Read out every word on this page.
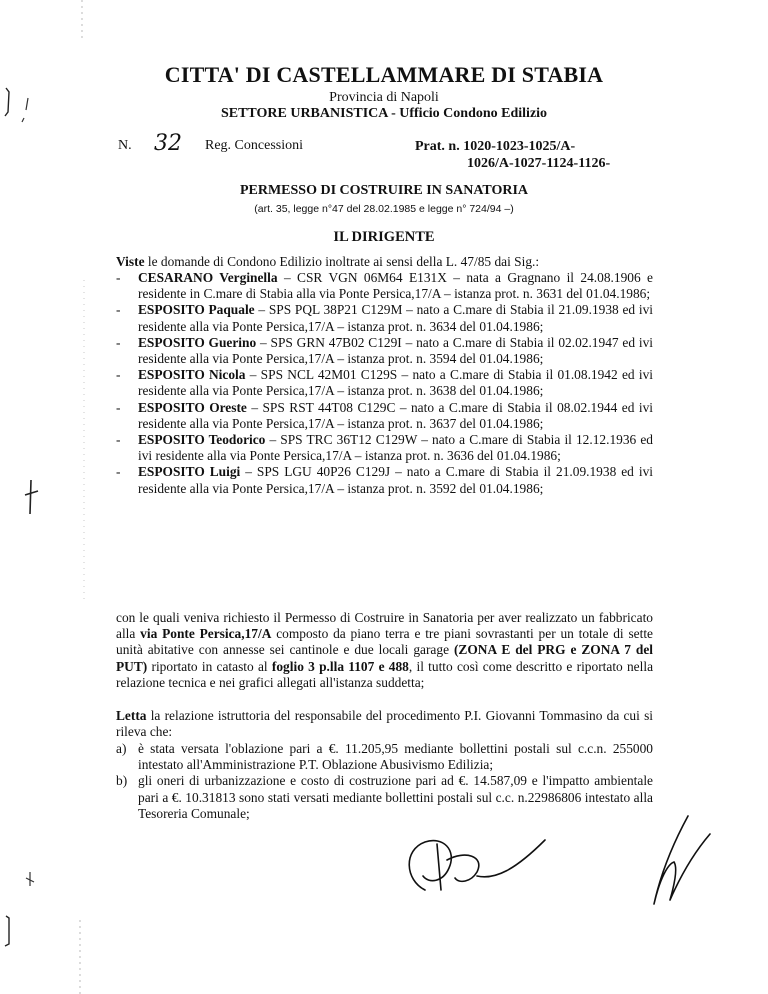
CITTA' DI CASTELLAMMARE DI STABIA
Provincia di Napoli
SETTORE URBANISTICA - Ufficio Condono Edilizio
N. 32 Reg. Concessioni	Prat. n. 1020-1023-1025/A-
1026/A-1027-1124-1126-
PERMESSO DI COSTRUIRE IN SANATORIA
(art. 35, legge n°47 del 28.02.1985 e legge n° 724/94 –)
IL DIRIGENTE
Viste le domande di Condono Edilizio inoltrate ai sensi della L. 47/85 dai Sig.:
- CESARANO Verginella – CSR VGN 06M64 E131X – nata a Gragnano il 24.08.1906 e residente in C.mare di Stabia alla via Ponte Persica,17/A – istanza prot. n. 3631 del 01.04.1986;
- ESPOSITO Paquale – SPS PQL 38P21 C129M – nato a C.mare di Stabia il 21.09.1938 ed ivi residente alla via Ponte Persica,17/A – istanza prot. n. 3634 del 01.04.1986;
- ESPOSITO Guerino – SPS GRN 47B02 C129I – nato a C.mare di Stabia il 02.02.1947 ed ivi residente alla via Ponte Persica,17/A – istanza prot. n. 3594 del 01.04.1986;
- ESPOSITO Nicola – SPS NCL 42M01 C129S – nato a C.mare di Stabia il 01.08.1942 ed ivi residente alla via Ponte Persica,17/A – istanza prot. n. 3638 del 01.04.1986;
- ESPOSITO Oreste – SPS RST 44T08 C129C – nato a C.mare di Stabia il 08.02.1944 ed ivi residente alla via Ponte Persica,17/A – istanza prot. n. 3637 del 01.04.1986;
- ESPOSITO Teodorico – SPS TRC 36T12 C129W – nato a C.mare di Stabia il 12.12.1936 ed ivi residente alla via Ponte Persica,17/A – istanza prot. n. 3636 del 01.04.1986;
- ESPOSITO Luigi – SPS LGU 40P26 C129J – nato a C.mare di Stabia il 21.09.1938 ed ivi residente alla via Ponte Persica,17/A – istanza prot. n. 3592 del 01.04.1986;
con le quali veniva richiesto il Permesso di Costruire in Sanatoria per aver realizzato un fabbricato alla via Ponte Persica,17/A composto da piano terra e tre piani sovrastanti per un totale di sette unità abitative con annesse sei cantinole e due locali garage (ZONA E del PRG e ZONA 7 del PUT) riportato in catasto al foglio 3 p.lla 1107 e 488, il tutto così come descritto e riportato nella relazione tecnica e nei grafici allegati all'istanza suddetta;
Letta la relazione istruttoria del responsabile del procedimento P.I. Giovanni Tommasino da cui si rileva che:
a) è stata versata l'oblazione pari a €. 11.205,95 mediante bollettini postali sul c.c.n. 255000 intestato all'Amministrazione P.T. Oblazione Abusivismo Edilizia;
b) gli oneri di urbanizzazione e costo di costruzione pari ad €. 14.587,09 e l'impatto ambientale pari a €. 10.31813 sono stati versati mediante bollettini postali sul c.c. n.22986806 intestato alla Tesoreria Comunale;
